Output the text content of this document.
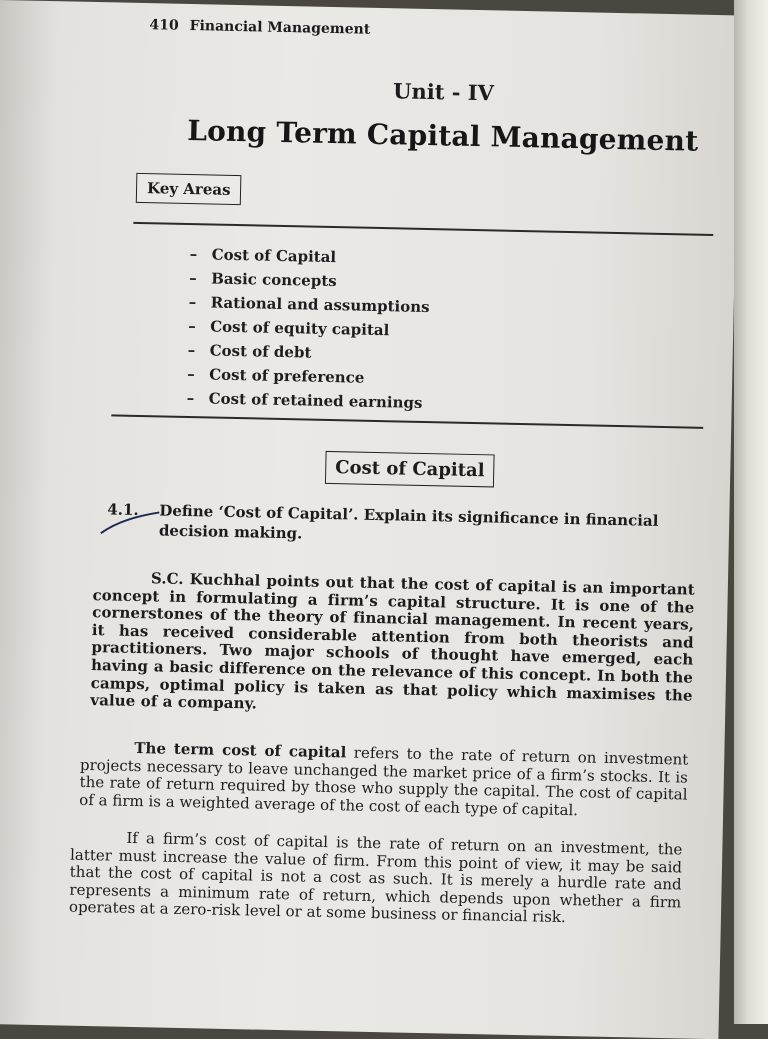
410 Financial Management
Unit - IV
Long Term Capital Management
Key Areas
– Cost of Capital
– Basic concepts
– Rational and assumptions
– Cost of equity capital
– Cost of debt
– Cost of preference
– Cost of retained earnings
Cost of Capital
4.1. Define ‘Cost of Capital’. Explain its significance in financial decision making.

S.C. Kuchhal points out that the cost of capital is an important concept in formulating a firm’s capital structure. It is one of the cornerstones of the theory of financial management. In recent years, it has received considerable attention from both theorists and practitioners. Two major schools of thought have emerged, each having a basic difference on the relevance of this concept. In both the camps, optimal policy is taken as that policy which maximises the value of a company.

The term cost of capital refers to the rate of return on investment projects necessary to leave unchanged the market price of a firm’s stocks. It is the rate of return required by those who supply the capital. The cost of capital of a firm is a weighted average of the cost of each type of capital.

If a firm’s cost of capital is the rate of return on an investment, the latter must increase the value of firm. From this point of view, it may be said that the cost of capital is not a cost as such. It is merely a hurdle rate and represents a minimum rate of return, which depends upon whether a firm operates at a zero-risk level or at some business or financial risk.
